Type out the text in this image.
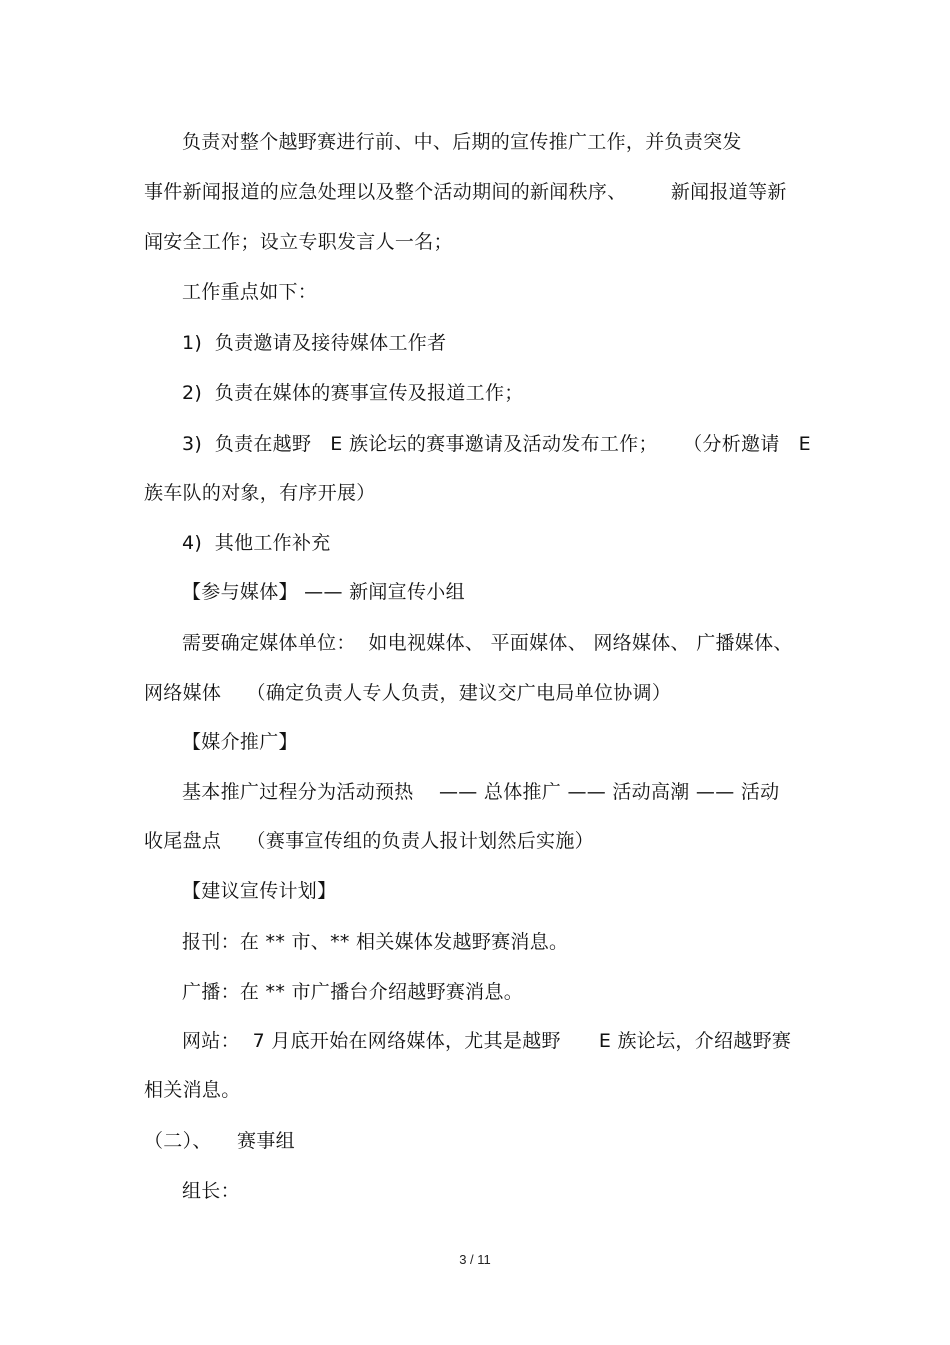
负责对整个越野赛进行前、中、后期的宣传推广工作，并负责突发
事件新闻报道的应急处理以及整个活动期间的新闻秩序、       新闻报道等新
闻安全工作；设立专职发言人一名；
工作重点如下：
1)  负责邀请及接待媒体工作者
2)  负责在媒体的赛事宣传及报道工作；
3)  负责在越野   E 族论坛的赛事邀请及活动发布工作；    （分析邀请   E
族车队的对象，有序开展）
4)  其他工作补充
【参与媒体】 —— 新闻宣传小组
需要确定媒体单位：  如电视媒体、 平面媒体、 网络媒体、 广播媒体、
网络媒体    （确定负责人专人负责，建议交广电局单位协调）
【媒介推广】
基本推广过程分为活动预热    —— 总体推广 —— 活动高潮 —— 活动
收尾盘点    （赛事宣传组的负责人报计划然后实施）
【建议宣传计划】
报刊：在 ** 市、** 相关媒体发越野赛消息。
广播：在 ** 市广播台介绍越野赛消息。
网站：  7 月底开始在网络媒体，尤其是越野      E 族论坛，介绍越野赛
相关消息。
（二）、    赛事组
组长：
3 / 11
